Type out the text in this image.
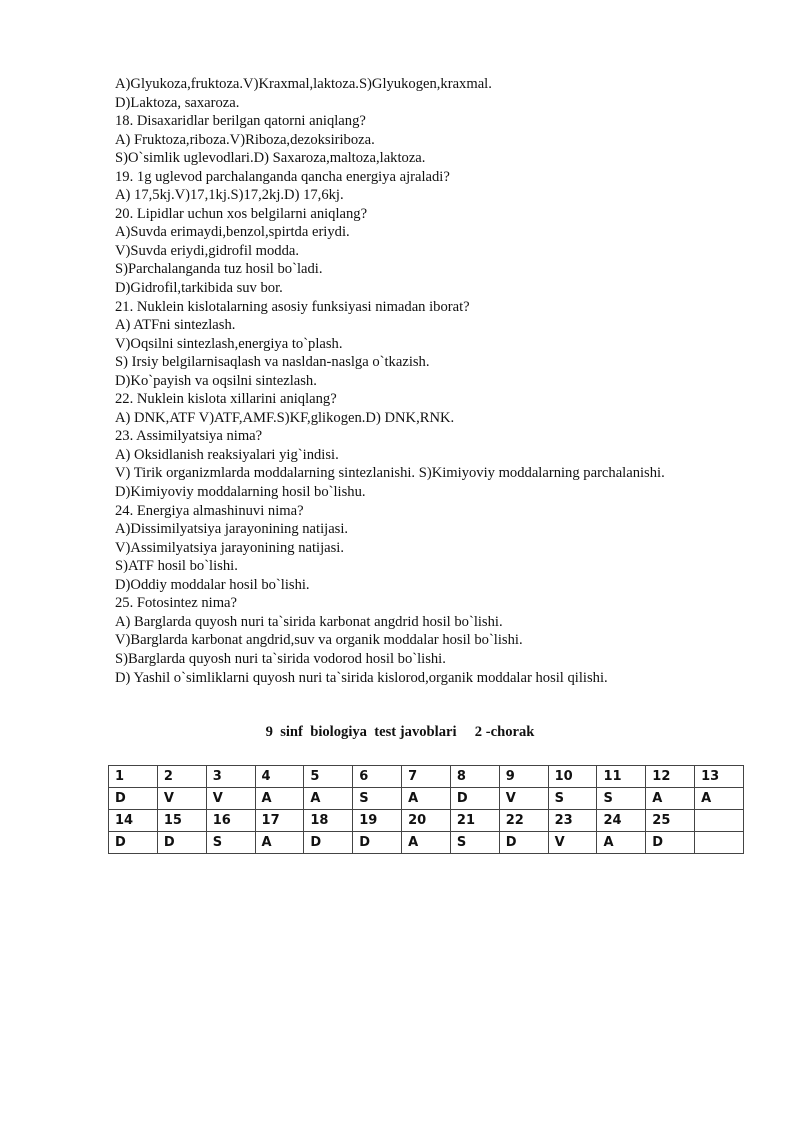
A)Glyukoza,fruktoza.V)Kraxmal,laktoza.S)Glyukogen,kraxmal.
D)Laktoza, saxaroza.
18. Disaxaridlar berilgan qatorni aniqlang?
A) Fruktoza,riboza.V)Riboza,dezoksiriboza.
S)O`simlik uglevodlari.D) Saxaroza,maltoza,laktoza.
19. 1g uglevod parchalanganda qancha energiya ajraladi?
A) 17,5kj.V)17,1kj.S)17,2kj.D) 17,6kj.
20. Lipidlar uchun xos belgilarni aniqlang?
A)Suvda erimaydi,benzol,spirtda eriydi.
V)Suvda eriydi,gidrofil modda.
S)Parchalanganda tuz hosil bo`ladi.
D)Gidrofil,tarkibida suv bor.
21. Nuklein kislotalarning asosiy funksiyasi nimadan iborat?
A) ATFni sintezlash.
V)Oqsilni sintezlash,energiya to`plash.
S) Irsiy belgilarnisaqlash va nasldan-naslga o`tkazish.
D)Ko`payish va oqsilni sintezlash.
22. Nuklein kislota xillarini aniqlang?
A) DNK,ATF V)ATF,AMF.S)KF,glikogen.D) DNK,RNK.
23. Assimilyatsiya nima?
A) Oksidlanish reaksiyalari yig`indisi.
V) Tirik organizmlarda moddalarning sintezlanishi. S)Kimiyoviy moddalarning parchalanishi.
D)Kimiyoviy moddalarning hosil bo`lishu.
24. Energiya almashinuvi nima?
A)Dissimilyatsiya jarayonining natijasi.
V)Assimilyatsiya jarayonining natijasi.
S)ATF hosil bo`lishi.
D)Oddiy moddalar hosil bo`lishi.
25. Fotosintez nima?
A) Barglarda quyosh nuri ta`sirida karbonat angdrid hosil bo`lishi.
V)Barglarda karbonat angdrid,suv va organik moddalar hosil bo`lishi.
S)Barglarda quyosh nuri ta`sirida vodorod hosil bo`lishi.
D) Yashil o`simliklarni quyosh nuri ta`sirida kislorod,organik moddalar hosil qilishi.
9  sinf  biologiya  test javoblari     2 -chorak
1	2	3	4	5	6	7	8	9	10	11	12	13
D	V	V	A	A	S	A	D	V	S	S	A	A
14	15	16	17	18	19	20	21	22	23	24	25	
D	D	S	A	D	D	A	S	D	V	A	D	
